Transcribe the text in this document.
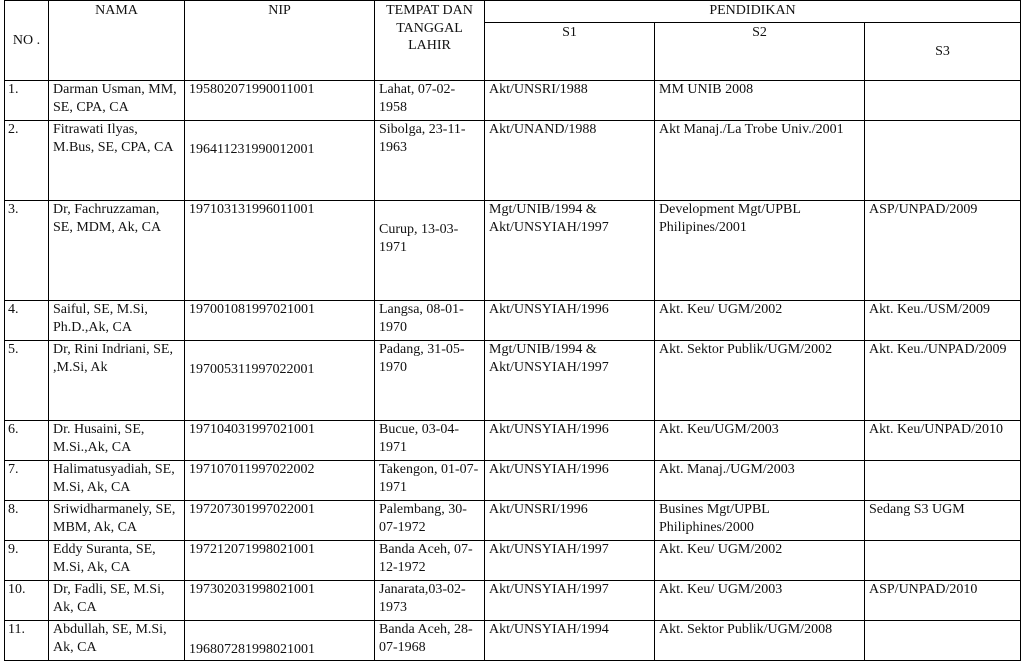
NO .	NAMA	NIP	TEMPAT DAN TANGGAL LAHIR	PENDIDIKAN		
				S1	S2	S3
1.	Darman Usman, MM, SE, CPA, CA	195802071990011001	Lahat, 07-02-1958	Akt/UNSRI/1988	MM UNIB 2008	
2.	Fitrawati Ilyas, M.Bus, SE, CPA, CA	196411231990012001	Sibolga, 23-11-1963	Akt/UNAND/1988	Akt Manaj./La Trobe Univ./2001	
3.	Dr, Fachruzzaman, SE, MDM, Ak, CA	197103131996011001	Curup, 13-03-1971	Mgt/UNIB/1994 & Akt/UNSYIAH/1997	Development Mgt/UPBL Philipines/2001	ASP/UNPAD/2009
4.	Saiful, SE, M.Si, Ph.D.,Ak, CA	197001081997021001	Langsa, 08-01-1970	Akt/UNSYIAH/1996	Akt. Keu/ UGM/2002	Akt. Keu./USM/2009
5.	Dr, Rini Indriani, SE, ,M.Si, Ak	197005311997022001	Padang, 31-05-1970	Mgt/UNIB/1994 & Akt/UNSYIAH/1997	Akt. Sektor Publik/UGM/2002	Akt. Keu./UNPAD/2009
6.	Dr. Husaini, SE, M.Si.,Ak, CA	197104031997021001	Bucue, 03-04-1971	Akt/UNSYIAH/1996	Akt. Keu/UGM/2003	Akt. Keu/UNPAD/2010
7.	Halimatusyadiah, SE, M.Si, Ak, CA	197107011997022002	Takengon, 01-07-1971	Akt/UNSYIAH/1996	Akt. Manaj./UGM/2003	
8.	Sriwidharmanely, SE, MBM, Ak, CA	197207301997022001	Palembang, 30-07-1972	Akt/UNSRI/1996	Busines Mgt/UPBL Philiphines/2000	Sedang S3 UGM
9.	Eddy Suranta, SE, M.Si, Ak, CA	197212071998021001	Banda Aceh, 07-12-1972	Akt/UNSYIAH/1997	Akt. Keu/ UGM/2002	
10.	Dr, Fadli, SE, M.Si, Ak, CA	197302031998021001	Janarata,03-02-1973	Akt/UNSYIAH/1997	Akt. Keu/ UGM/2003	ASP/UNPAD/2010
11.	Abdullah, SE, M.Si, Ak, CA	196807281998021001	Banda Aceh, 28-07-1968	Akt/UNSYIAH/1994	Akt. Sektor Publik/UGM/2008	
